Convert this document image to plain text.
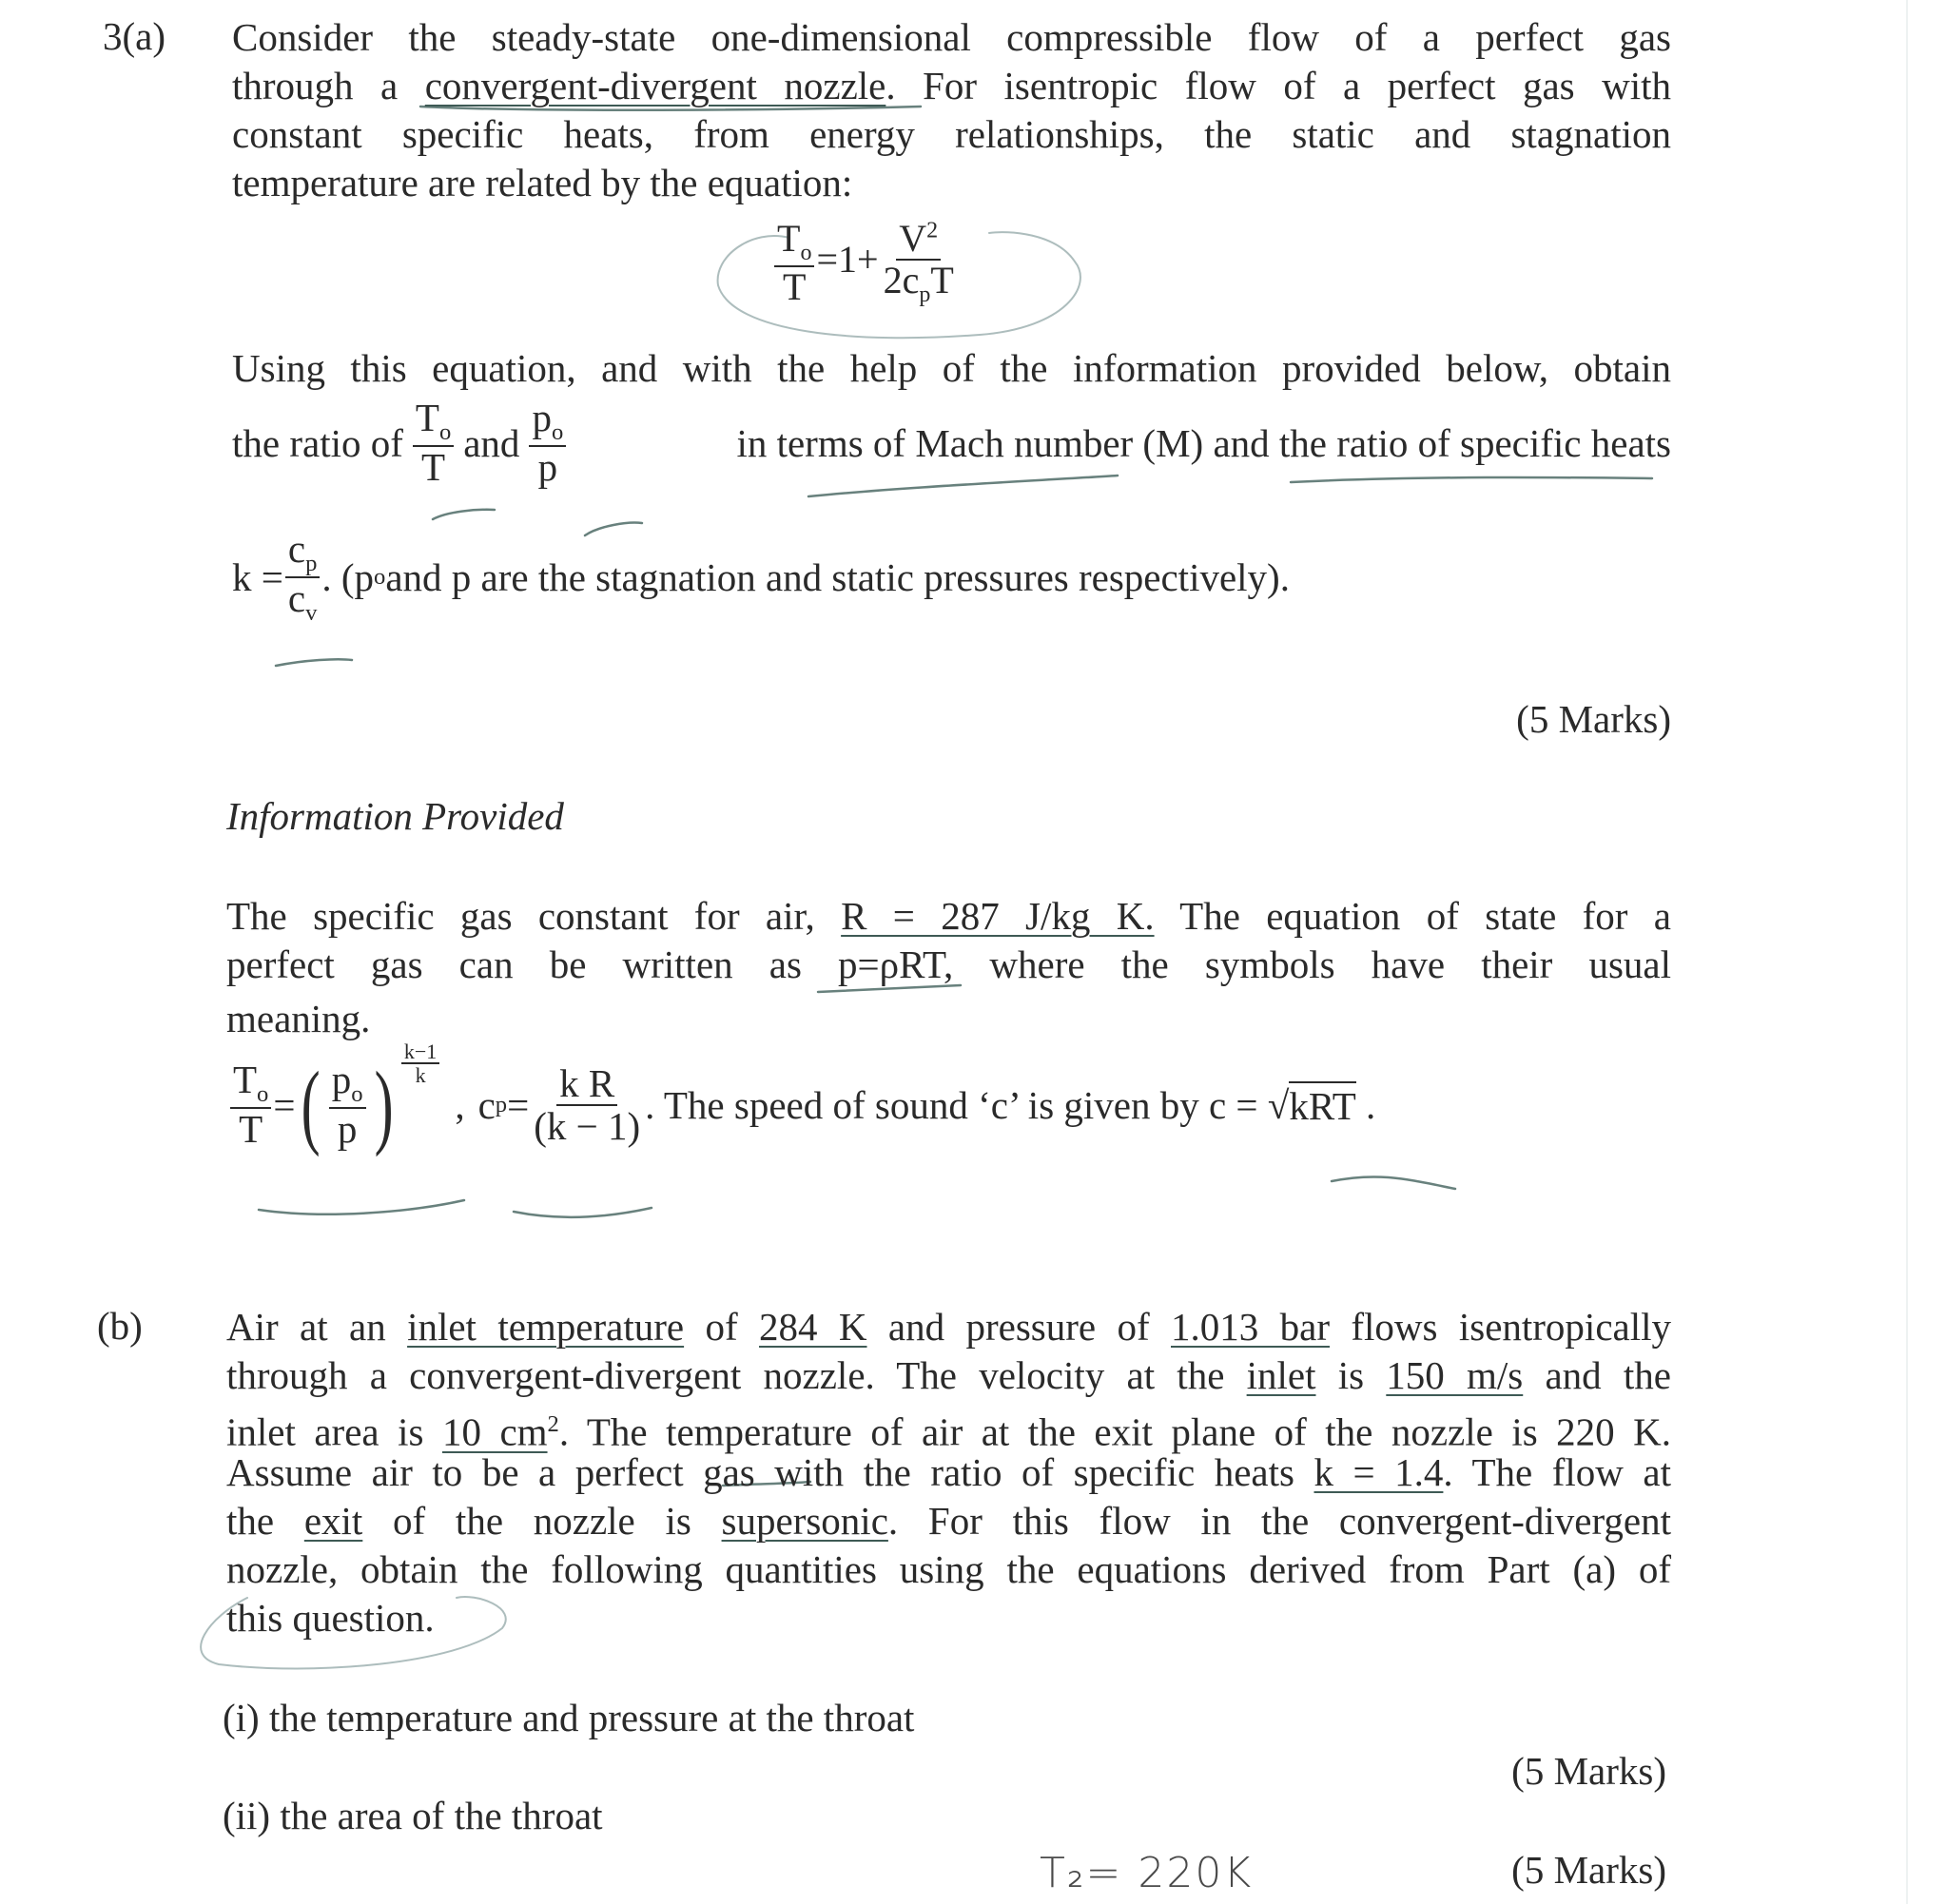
3(a) Consider the steady-state one-dimensional compressible flow of a perfect gas
through a convergent-divergent nozzle. For isentropic flow of a perfect gas with
constant specific heats, from energy relationships, the static and stagnation
temperature are related by the equation:
$\frac{T_o}{T} =1+ \frac{V^2}{2c_pT}$
Using this equation, and with the help of the information provided below, obtain
the ratio of $\frac{T_o}{T}$ and $\frac{p_o}{p}$	in terms of Mach number (M) and the ratio of specific heats
$k = \frac{c_p}{c_v}$ . (p o and p are the stagnation and static pressures respectively).
(5 Marks)
Information Provided
The specific gas constant for air, R = 287 J/kg K. The equation of state for a
perfect gas can be written as p=ρRT, where the symbols have their usual
meaning.
$\frac{T_o}{T}$ = ( $\frac{p_o}{p}$ ) $\frac{k-1}{k}$
, c $p = \frac{\text{k R}}{(k - 1)}$ . The speed of sound ‘c’ is given by c = √ kRT .
(b) Air at an inlet temperature of 284 K and pressure of 1.013 bar flows isentropically
through a convergent-divergent nozzle. The velocity at the inlet is 150 m/s and the
inlet area is 10 $cm^2$. The temperature of air at the exit plane of the nozzle is 220 K.
Assume air to be a perfect gas with the ratio of specific heats k = 1.4. The flow at
the exit of the nozzle is supersonic. For this flow in the convergent-divergent
nozzle, obtain the following quantities using the equations derived from Part (a) of
this question.
(i) the temperature and pressure at the throat
(5 Marks)
(ii) the area of the throat
T₂= 220K	(5 Marks)
